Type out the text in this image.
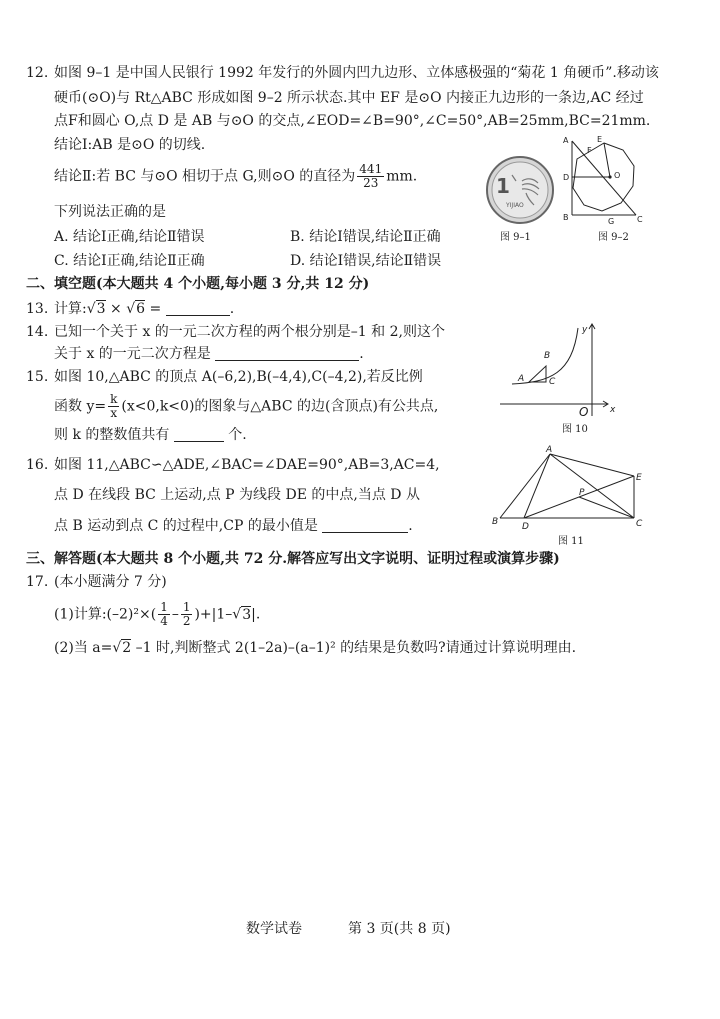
12. 如图 9–1 是中国人民银行 1992 年发行的外圆内凹九边形、立体感极强的“菊花 1 角硬币”.移动该
硬币(⊙O)与 Rt△ABC 形成如图 9–2 所示状态.其中 EF 是⊙O 内接正九边形的一条边,AC 经过
点F和圆心 O,点 D 是 AB 与⊙O 的交点,∠EOD=∠B=90°,∠C=50°,AB=25mm,BC=21mm.
结论Ⅰ:AB 是⊙O 的切线.
结论Ⅱ:若 BC 与⊙O 相切于点 G,则⊙O 的直径为 $\frac{441}{23}$ mm.
下列说法正确的是
A. 结论Ⅰ正确,结论Ⅱ错误	B. 结论Ⅰ错误,结论Ⅱ正确
C. 结论Ⅰ正确,结论Ⅱ正确	D. 结论Ⅰ错误,结论Ⅱ错误
1
YIJIAO
图 9–1
A	E
F
D	O
B	G	C
图 9–2
二、填空题(本大题共 4 个小题,每小题 3 分,共 12 分)
13. 计算:√3 × √6 =	.
14. 已知一个关于 x 的一元二次方程的两个根分别是–1 和 2,则这个
关于 x 的一元二次方程是	.
15. 如图 10,△ABC 的顶点 A(–6,2),B(–4,4),C(–4,2),若反比例
函数 $y= \frac{k}{x} (x<0,k<0)$的图象与△ABC 的边(含顶点)有公共点,
则 k 的整数值共有	个.
A
B
C
O x
y
图 10
16. 如图 11,△ABC∽△ADE,∠BAC=∠DAE=90°,AB=3,AC=4,
点 D 在线段 BC 上运动,点 P 为线段 DE 的中点,当点 D 从
点 B 运动到点 C 的过程中,CP 的最小值是	.
A
B	C
D
E
P
图 11
三、解答题(本大题共 8 个小题,共 72 分.解答应写出文字说明、证明过程或演算步骤)
17. (本小题满分 7 分)
(1)计算:(–2)²×( $\frac{1}{4} - \frac{1}{2} )+|1-√3|$.
(2)当 a=√2 –1 时,判断整式 2(1–2a)–(a–1)² 的结果是负数吗?请通过计算说明理由.
数学试卷	第 3 页(共 8 页)
